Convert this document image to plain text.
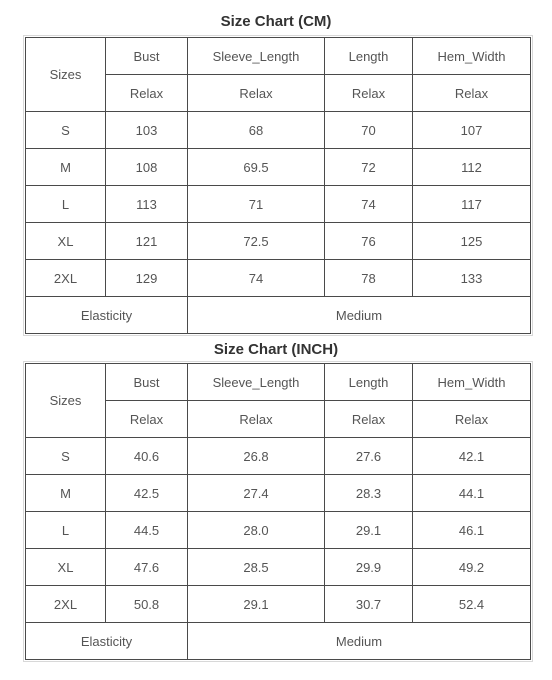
Size Chart (CM)
Sizes	Bust	Sleeve_Length	Length	Hem_Width
	Relax	Relax	Relax	Relax
S	103	68	70	107
M	108	69.5	72	112
L	113	71	74	117
XL	121	72.5	76	125
2XL	129	74	78	133
Elasticity		Medium		
Size Chart (INCH)
Sizes	Bust	Sleeve_Length	Length	Hem_Width
	Relax	Relax	Relax	Relax
S	40.6	26.8	27.6	42.1
M	42.5	27.4	28.3	44.1
L	44.5	28.0	29.1	46.1
XL	47.6	28.5	29.9	49.2
2XL	50.8	29.1	30.7	52.4
Elasticity		Medium		
